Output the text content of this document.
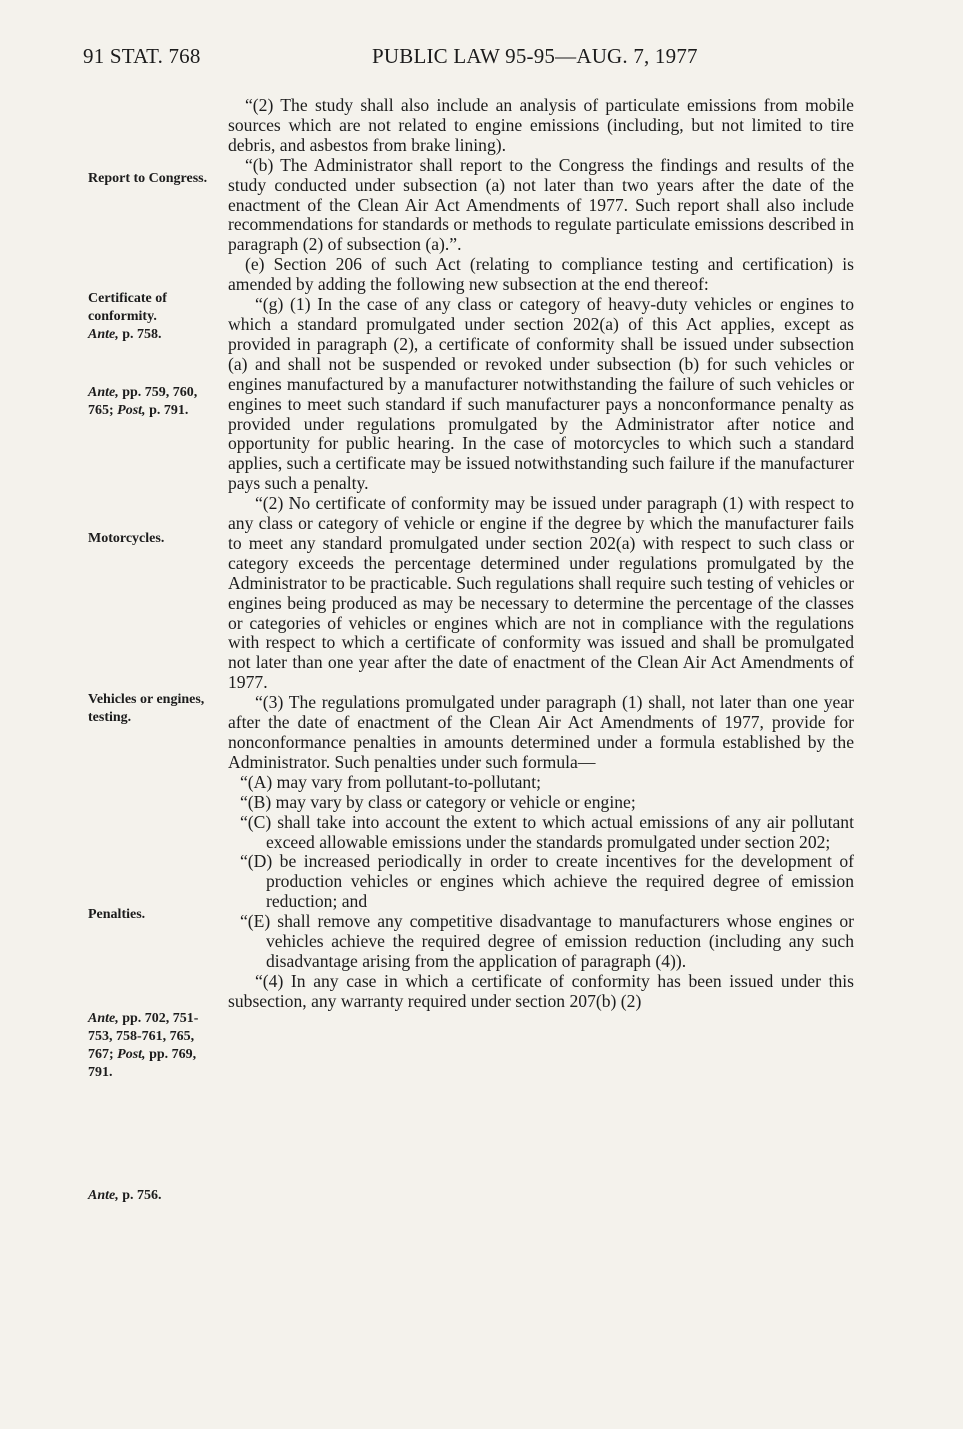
91 STAT. 768	PUBLIC LAW 95-95—AUG. 7, 1977
Report to Congress.
Certificate of conformity.
Ante, p. 758.
Ante, pp. 759, 760, 765; Post, p. 791.
Motorcycles.
Vehicles or engines, testing.
Penalties.
Ante, pp. 702, 751-753, 758-761, 765, 767; Post, pp. 769, 791.
Ante, p. 756.

“(2) The study shall also include an analysis of particulate emissions from mobile sources which are not related to engine emissions (including, but not limited to tire debris, and asbestos from brake lining).

“(b) The Administrator shall report to the Congress the findings and results of the study conducted under subsection (a) not later than two years after the date of the enactment of the Clean Air Act Amendments of 1977. Such report shall also include recommendations for standards or methods to regulate particulate emissions described in paragraph (2) of subsection (a).”.

(e) Section 206 of such Act (relating to compliance testing and certification) is amended by adding the following new subsection at the end thereof:

“(g) (1) In the case of any class or category of heavy-duty vehicles or engines to which a standard promulgated under section 202(a) of this Act applies, except as provided in paragraph (2), a certificate of conformity shall be issued under subsection (a) and shall not be suspended or revoked under subsection (b) for such vehicles or engines manufactured by a manufacturer notwithstanding the failure of such vehicles or engines to meet such standard if such manufacturer pays a nonconformance penalty as provided under regulations promulgated by the Administrator after notice and opportunity for public hearing. In the case of motorcycles to which such a standard applies, such a certificate may be issued notwithstanding such failure if the manufacturer pays such a penalty.

“(2) No certificate of conformity may be issued under paragraph (1) with respect to any class or category of vehicle or engine if the degree by which the manufacturer fails to meet any standard promulgated under section 202(a) with respect to such class or category exceeds the percentage determined under regulations promulgated by the Administrator to be practicable. Such regulations shall require such testing of vehicles or engines being produced as may be necessary to determine the percentage of the classes or categories of vehicles or engines which are not in compliance with the regulations with respect to which a certificate of conformity was issued and shall be promulgated not later than one year after the date of enactment of the Clean Air Act Amendments of 1977.

“(3) The regulations promulgated under paragraph (1) shall, not later than one year after the date of enactment of the Clean Air Act Amendments of 1977, provide for nonconformance penalties in amounts determined under a formula established by the Administrator. Such penalties under such formula—

“(A) may vary from pollutant-to-pollutant;

“(B) may vary by class or category or vehicle or engine;

“(C) shall take into account the extent to which actual emissions of any air pollutant exceed allowable emissions under the standards promulgated under section 202;

“(D) be increased periodically in order to create incentives for the development of production vehicles or engines which achieve the required degree of emission reduction; and

“(E) shall remove any competitive disadvantage to manufacturers whose engines or vehicles achieve the required degree of emission reduction (including any such disadvantage arising from the application of paragraph (4)).

“(4) In any case in which a certificate of conformity has been issued under this subsection, any warranty required under section 207(b) (2)
